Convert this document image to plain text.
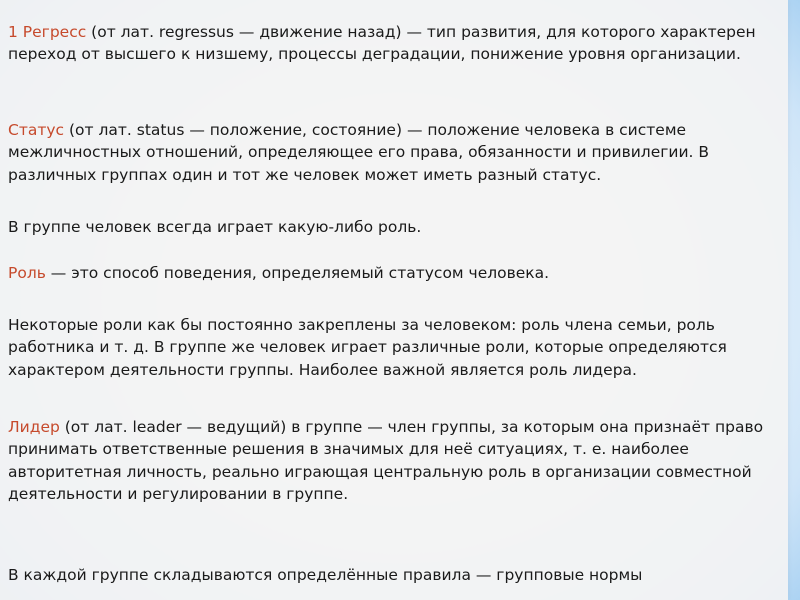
1 Регресс (от лат. regressus — движение назад) — тип развития, для которого характерен переход от высшего к низшему, процессы деградации, понижение уровня организации.

Статус (от лат. status — положение, состояние) — положение человека в системе межличностных отношений, определяющее его права, обязанности и привилегии. В различных группах один и тот же человек может иметь разный статус.

В группе человек всегда играет какую-либо роль.

Роль — это способ поведения, определяемый статусом человека.

Некоторые роли как бы постоянно закреплены за человеком: роль члена семьи, роль работника и т. д. В группе же человек играет различные роли, которые определяются характером деятельности группы. Наиболее важной является роль лидера.

Лидер (от лат. leader — ведущий) в группе — член группы, за которым она признаёт право принимать ответственные решения в значимых для неё ситуациях, т. е. наиболее авторитетная личность, реально играющая центральную роль в организации совместной
деятельности и регулировании в группе.

В каждой группе складываются определённые правила — групповые нормы
